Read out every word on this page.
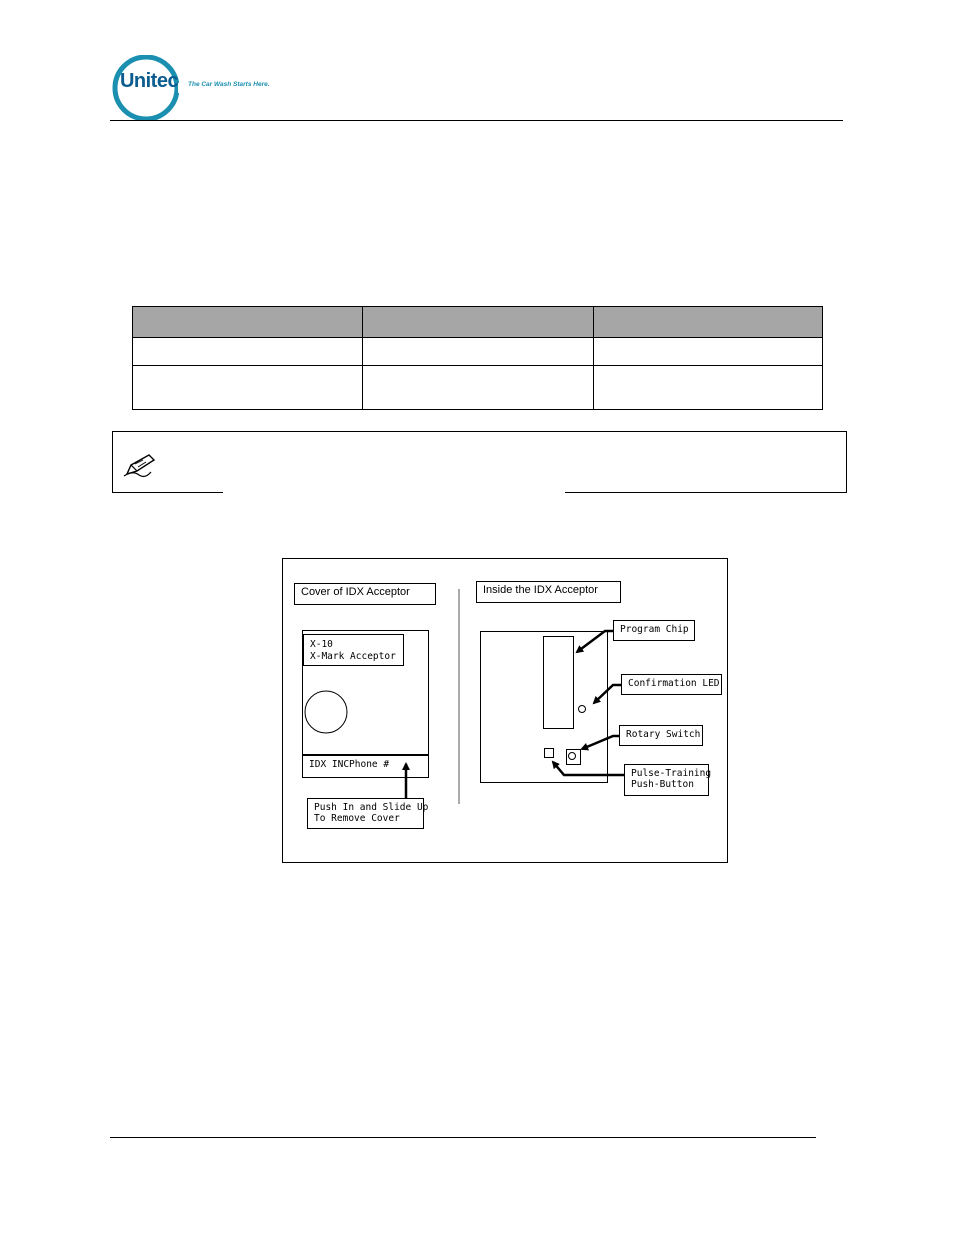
Unitec	The Car Wash Starts Here.

Cover of IDX Acceptor	Inside the IDX Acceptor
X-10
X-Mark Acceptor
IDX INCPhone #
Push In and Slide Up
To Remove Cover
Program Chip
Confirmation LED
Rotary Switch
Pulse-Training
Push-Button
